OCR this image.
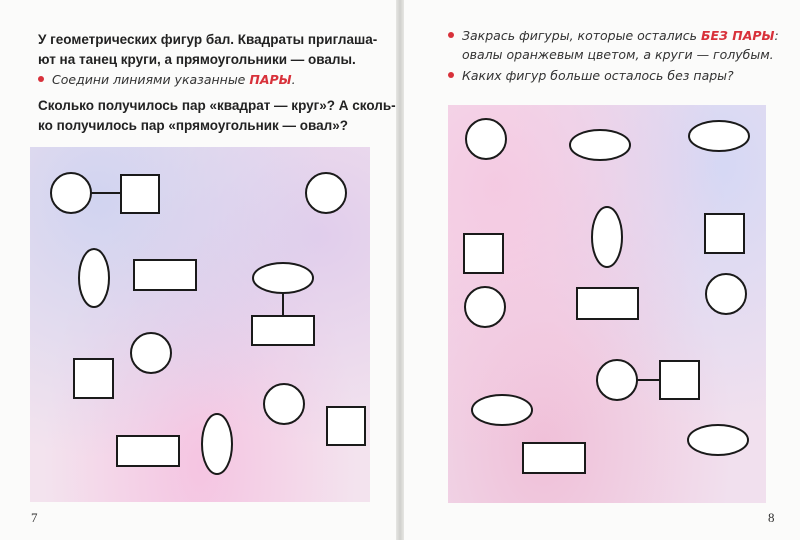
У геометрических фигур бал. Квадраты приглаша-
ют на танец круги, а прямоугольники — овалы.
Соедини линиями указанные ПАРЫ.
Сколько получилось пар «квадрат — круг»? А сколь-
ко получилось пар «прямоугольник — овал»?
Закрась фигуры, которые остались БЕЗ ПАРЫ:
овалы оранжевым цветом, а круги — голубым.
Каких фигур больше осталось без пары?
7	8
